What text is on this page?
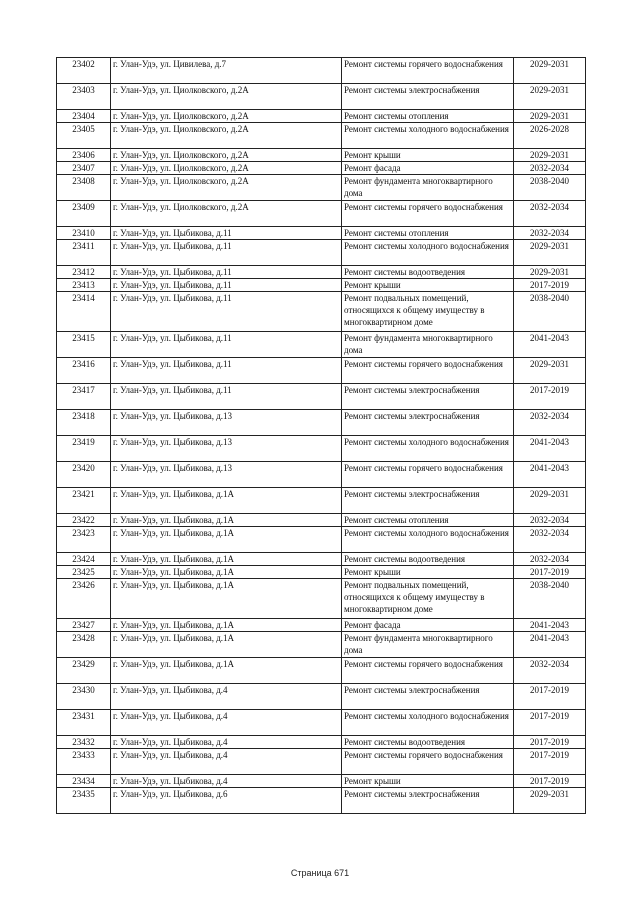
23402	г. Улан-Удэ, ул. Цивилева, д.7	Ремонт системы горячего водоснабжения	2029-2031
23403	г. Улан-Удэ, ул. Циолковского, д.2А	Ремонт системы электроснабжения	2029-2031
23404	г. Улан-Удэ, ул. Циолковского, д.2А	Ремонт системы отопления	2029-2031
23405	г. Улан-Удэ, ул. Циолковского, д.2А	Ремонт системы холодного водоснабжения	2026-2028
23406	г. Улан-Удэ, ул. Циолковского, д.2А	Ремонт крыши	2029-2031
23407	г. Улан-Удэ, ул. Циолковского, д.2А	Ремонт фасада	2032-2034
23408	г. Улан-Удэ, ул. Циолковского, д.2А	Ремонт фундамента многоквартирного дома	2038-2040
23409	г. Улан-Удэ, ул. Циолковского, д.2А	Ремонт системы горячего водоснабжения	2032-2034
23410	г. Улан-Удэ, ул. Цыбикова, д.11	Ремонт системы отопления	2032-2034
23411	г. Улан-Удэ, ул. Цыбикова, д.11	Ремонт системы холодного водоснабжения	2029-2031
23412	г. Улан-Удэ, ул. Цыбикова, д.11	Ремонт системы водоотведения	2029-2031
23413	г. Улан-Удэ, ул. Цыбикова, д.11	Ремонт крыши	2017-2019
23414	г. Улан-Удэ, ул. Цыбикова, д.11	Ремонт подвальных помещений, относящихся к общему имуществу в многоквартирном доме	2038-2040
23415	г. Улан-Удэ, ул. Цыбикова, д.11	Ремонт фундамента многоквартирного дома	2041-2043
23416	г. Улан-Удэ, ул. Цыбикова, д.11	Ремонт системы горячего водоснабжения	2029-2031
23417	г. Улан-Удэ, ул. Цыбикова, д.11	Ремонт системы электроснабжения	2017-2019
23418	г. Улан-Удэ, ул. Цыбикова, д.13	Ремонт системы электроснабжения	2032-2034
23419	г. Улан-Удэ, ул. Цыбикова, д.13	Ремонт системы холодного водоснабжения	2041-2043
23420	г. Улан-Удэ, ул. Цыбикова, д.13	Ремонт системы горячего водоснабжения	2041-2043
23421	г. Улан-Удэ, ул. Цыбикова, д.1А	Ремонт системы электроснабжения	2029-2031
23422	г. Улан-Удэ, ул. Цыбикова, д.1А	Ремонт системы отопления	2032-2034
23423	г. Улан-Удэ, ул. Цыбикова, д.1А	Ремонт системы холодного водоснабжения	2032-2034
23424	г. Улан-Удэ, ул. Цыбикова, д.1А	Ремонт системы водоотведения	2032-2034
23425	г. Улан-Удэ, ул. Цыбикова, д.1А	Ремонт крыши	2017-2019
23426	г. Улан-Удэ, ул. Цыбикова, д.1А	Ремонт подвальных помещений, относящихся к общему имуществу в многоквартирном доме	2038-2040
23427	г. Улан-Удэ, ул. Цыбикова, д.1А	Ремонт фасада	2041-2043
23428	г. Улан-Удэ, ул. Цыбикова, д.1А	Ремонт фундамента многоквартирного дома	2041-2043
23429	г. Улан-Удэ, ул. Цыбикова, д.1А	Ремонт системы горячего водоснабжения	2032-2034
23430	г. Улан-Удэ, ул. Цыбикова, д.4	Ремонт системы электроснабжения	2017-2019
23431	г. Улан-Удэ, ул. Цыбикова, д.4	Ремонт системы холодного водоснабжения	2017-2019
23432	г. Улан-Удэ, ул. Цыбикова, д.4	Ремонт системы водоотведения	2017-2019
23433	г. Улан-Удэ, ул. Цыбикова, д.4	Ремонт системы горячего водоснабжения	2017-2019
23434	г. Улан-Удэ, ул. Цыбикова, д.4	Ремонт крыши	2017-2019
23435	г. Улан-Удэ, ул. Цыбикова, д.6	Ремонт системы электроснабжения	2029-2031
Страница 671
